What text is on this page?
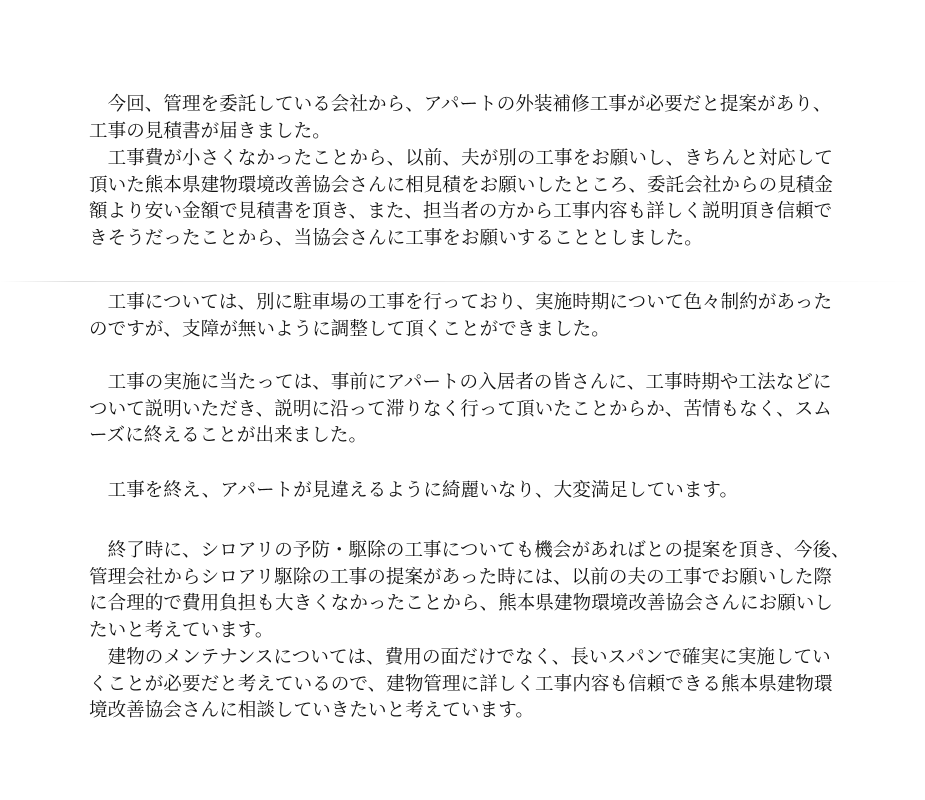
　今回、管理を委託している会社から、アパートの外装補修工事が必要だと提案があり、
工事の見積書が届きました。

　工事費が小さくなかったことから、以前、夫が別の工事をお願いし、きちんと対応して
頂いた熊本県建物環境改善協会さんに相見積をお願いしたところ、委託会社からの見積金
額より安い金額で見積書を頂き、また、担当者の方から工事内容も詳しく説明頂き信頼で
きそうだったことから、当協会さんに工事をお願いすることとしました。

　工事については、別に駐車場の工事を行っており、実施時期について色々制約があった
のですが、支障が無いように調整して頂くことができました。

　工事の実施に当たっては、事前にアパートの入居者の皆さんに、工事時期や工法などに
ついて説明いただき、説明に沿って滞りなく行って頂いたことからか、苦情もなく、スム
ーズに終えることが出来ました。

　工事を終え、アパートが見違えるように綺麗いなり、大変満足しています。

　終了時に、シロアリの予防・駆除の工事についても機会があればとの提案を頂き、今後、
管理会社からシロアリ駆除の工事の提案があった時には、以前の夫の工事でお願いした際
に合理的で費用負担も大きくなかったことから、熊本県建物環境改善協会さんにお願いし
たいと考えています。

　建物のメンテナンスについては、費用の面だけでなく、長いスパンで確実に実施してい
くことが必要だと考えているので、建物管理に詳しく工事内容も信頼できる熊本県建物環
境改善協会さんに相談していきたいと考えています。
